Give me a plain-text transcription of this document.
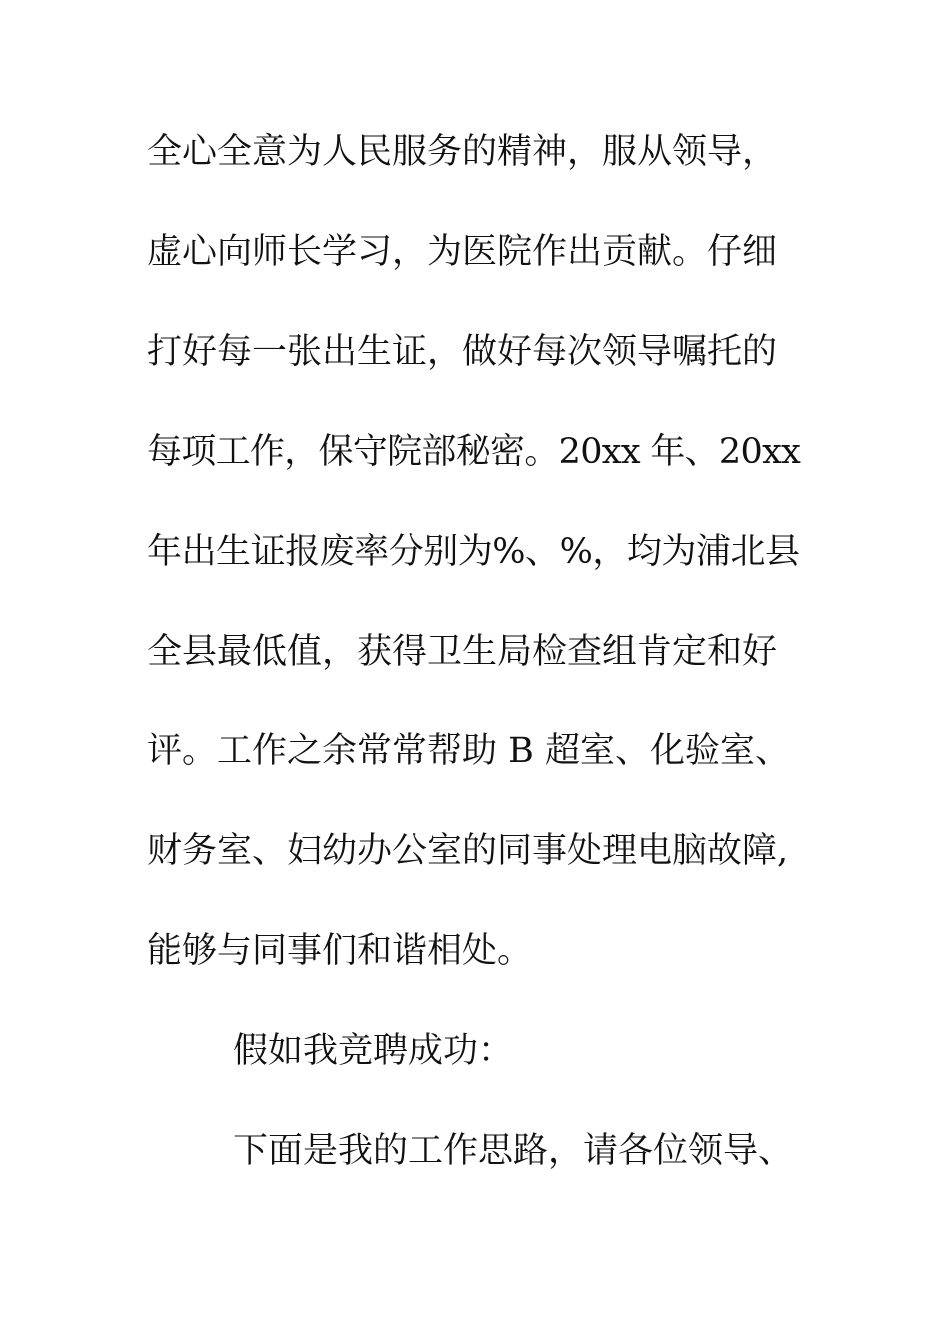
全心全意为人民服务的精神，服从领导，
虚心向师长学习，为医院作出贡献。仔细
打好每一张出生证，做好每次领导嘱托的
每项工作，保守院部秘密。20xx 年、20xx
年出生证报废率分别为%、%，均为浦北县
全县最低值，获得卫生局检查组肯定和好
评。工作之余常常帮助 B 超室、化验室、
财务室、妇幼办公室的同事处理电脑故障,
能够与同事们和谐相处。
假如我竞聘成功：
下面是我的工作思路，请各位领导、
